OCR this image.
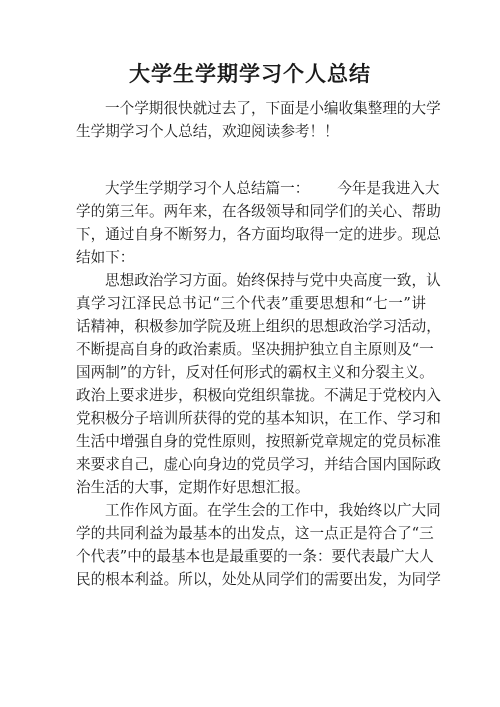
大学生学期学习个人总结
一个学期很快就过去了，下面是小编收集整理的大学
生学期学习个人总结，欢迎阅读参考！！
大学生学期学习个人总结篇一： 今年是我进入大
学的第三年。两年来，在各级领导和同学们的关心、帮助
下，通过自身不断努力，各方面均取得一定的进步。现总
结如下：
思想政治学习方面。始终保持与党中央高度一致，认
真学习江泽民总书记“三个代表”重要思想和“七一”讲
话精神，积极参加学院及班上组织的思想政治学习活动，
不断提高自身的政治素质。坚决拥护独立自主原则及“一
国两制”的方针，反对任何形式的霸权主义和分裂主义。
政治上要求进步，积极向党组织靠拢。不满足于党校内入
党积极分子培训所获得的党的基本知识，在工作、学习和
生活中增强自身的党性原则，按照新党章规定的党员标准
来要求自己，虚心向身边的党员学习，并结合国内国际政
治生活的大事，定期作好思想汇报。
工作作风方面。在学生会的工作中，我始终以广大同
学的共同利益为最基本的出发点，这一点正是符合了“三
个代表”中的最基本也是最重要的一条：要代表最广大人
民的根本利益。所以，处处从同学们的需要出发，为同学
